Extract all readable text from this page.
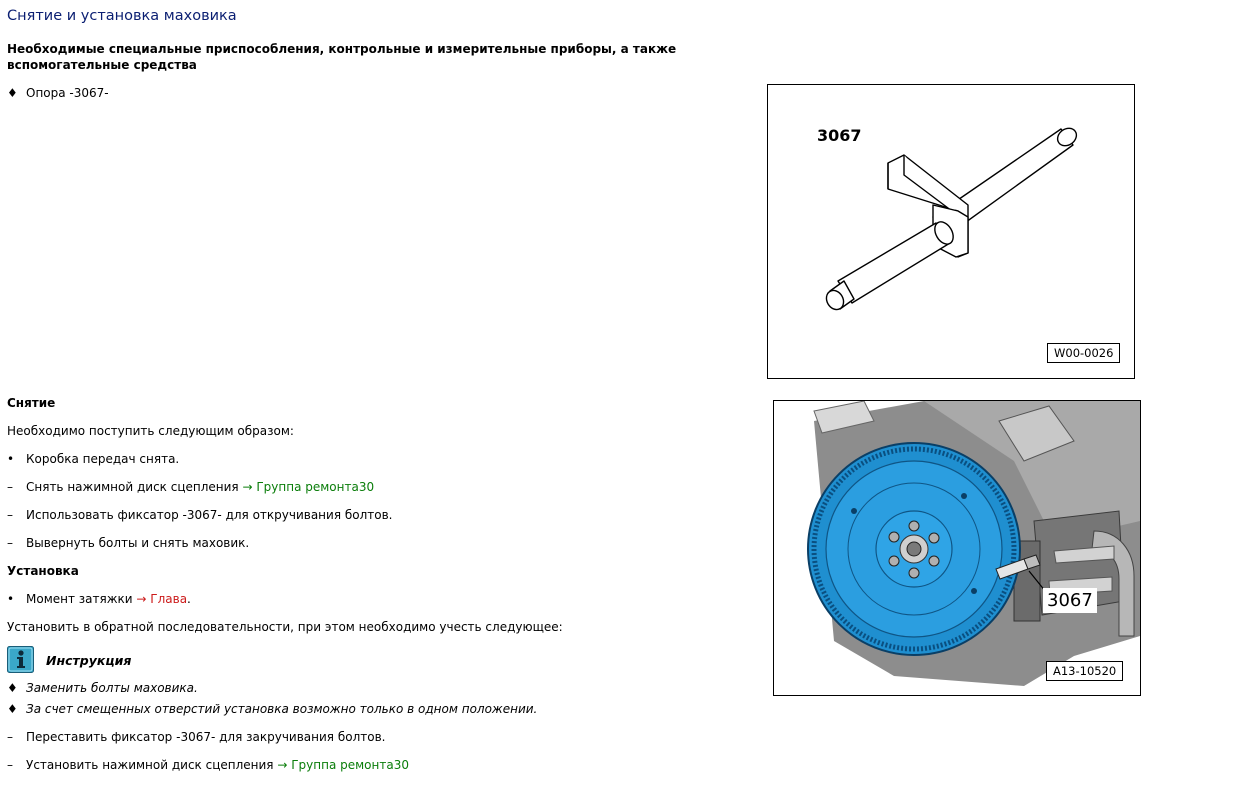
Снятие и установка маховика
Необходимые специальные приспособления, контрольные и измерительные приборы, а также вспомогательные средства
♦ Опора -3067-
3067
W00-0026
Снятие
Необходимо поступить следующим образом:
• Коробка передач снята.
– Снять нажимной диск сцепления → Группа ремонта30
– Использовать фиксатор -3067- для откручивания болтов.
– Вывернуть болты и снять маховик.
Установка
• Момент затяжки → Глава.
Установить в обратной последовательности, при этом необходимо учесть следующее:
Инструкция
♦ Заменить болты маховика.
♦ За счет смещенных отверстий установка возможно только в одном положении.
– Переставить фиксатор -3067- для закручивания болтов.
– Установить нажимной диск сцепления → Группа ремонта30
3067
A13-10520
